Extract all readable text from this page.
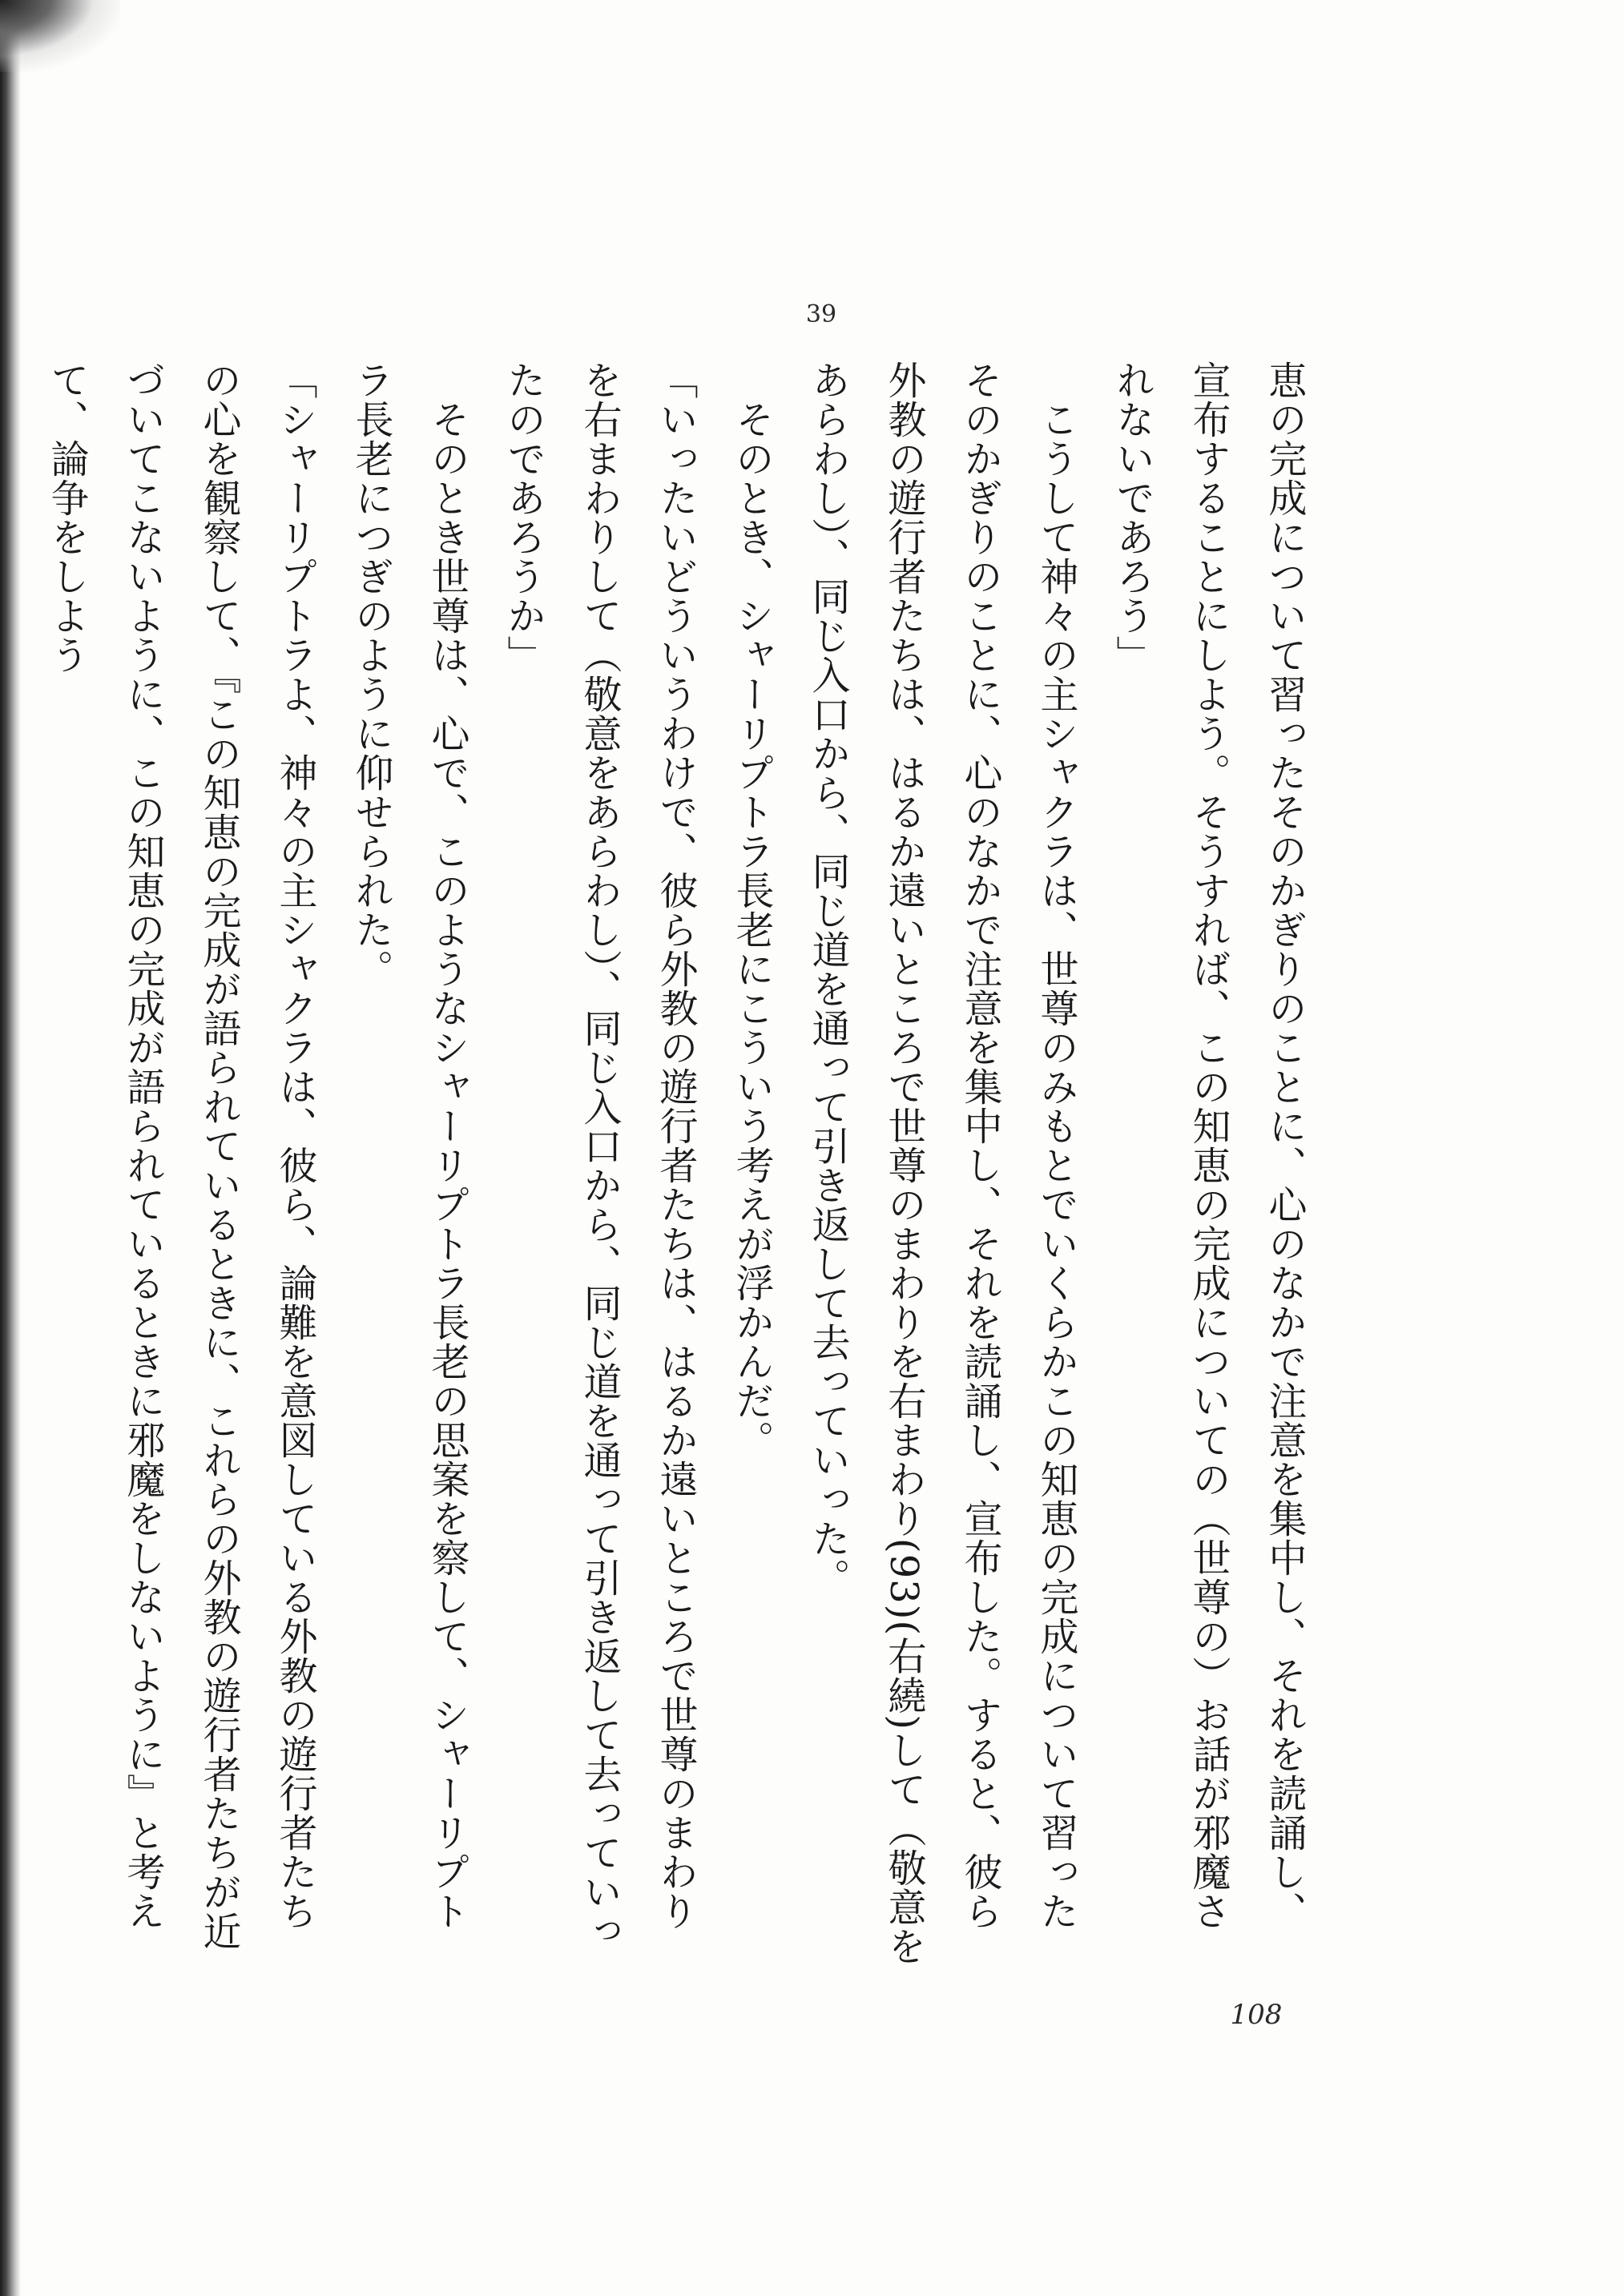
39

恵の完成について習ったそのかぎりのことに、心のなかで注意を集中し、それを読誦し、宣布することにしよう。そうすれば、この知恵の完成についての（世尊の）お話が邪魔されないであろう」

　こうして神々の主シャクラは、世尊のみもとでいくらかこの知恵の完成について習ったそのかぎりのことに、心のなかで注意を集中し、それを読誦し、宣布した。すると、彼ら外教の遊行者たちは、はるか遠いところで世尊のまわりを右まわり(93)(右繞)して（敬意をあらわし）、同じ入口から、同じ道を通って引き返して去っていった。

　そのとき、シャーリプトラ長老にこういう考えが浮かんだ。

「いったいどういうわけで、彼ら外教の遊行者たちは、はるか遠いところで世尊のまわりを右まわりして（敬意をあらわし）、同じ入口から、同じ道を通って引き返して去っていったのであろうか」

　そのとき世尊は、心で、このようなシャーリプトラ長老の思案を察して、シャーリプトラ長老につぎのように仰せられた。

「シャーリプトラよ、神々の主シャクラは、彼ら、論難を意図している外教の遊行者たちの心を観察して、『この知恵の完成が語られているときに、これらの外教の遊行者たちが近づいてこないように、この知恵の完成が語られているときに邪魔をしないように』と考えて、論争をしよう

108
